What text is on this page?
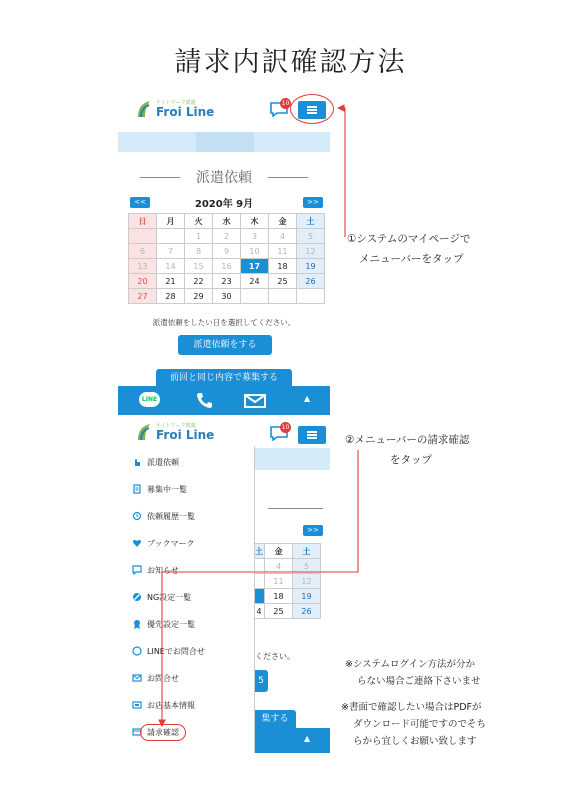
請求内訳確認方法
ナイトワーク派遣
Froi Line
10
派遣依頼
<<	2020年 9月	>>
日	月	火	水	木	金	土
		1	2	3	4	5
6	7	8	9	10	11	12
13	14	15	16	17	18	19
20	21	22	23	24	25	26
27	28	29	30			
派遣依頼をしたい日を選択してください。
派遣依頼をする
前回と同じ内容で募集する
LINE	▲
ナイトワーク派遣
Froi Line	10
>>
土	金	土
	4	5
	11	12
	18	19
4	25	26
ください。
5
集する
▲
派遣依頼
募集中一覧
依頼履歴一覧
ブックマーク
お知らせ
NG設定一覧
優先設定一覧
LINEでお問合せ
お問合せ
お店基本情報
請求確認
①システムのマイページで
メニューバーをタップ
②メニューバーの請求確認
をタップ
※システムログイン方法が分か
らない場合ご連絡下さいませ
※書面で確認したい場合はPDFが
ダウンロード可能ですのでそち
らから宜しくお願い致します
